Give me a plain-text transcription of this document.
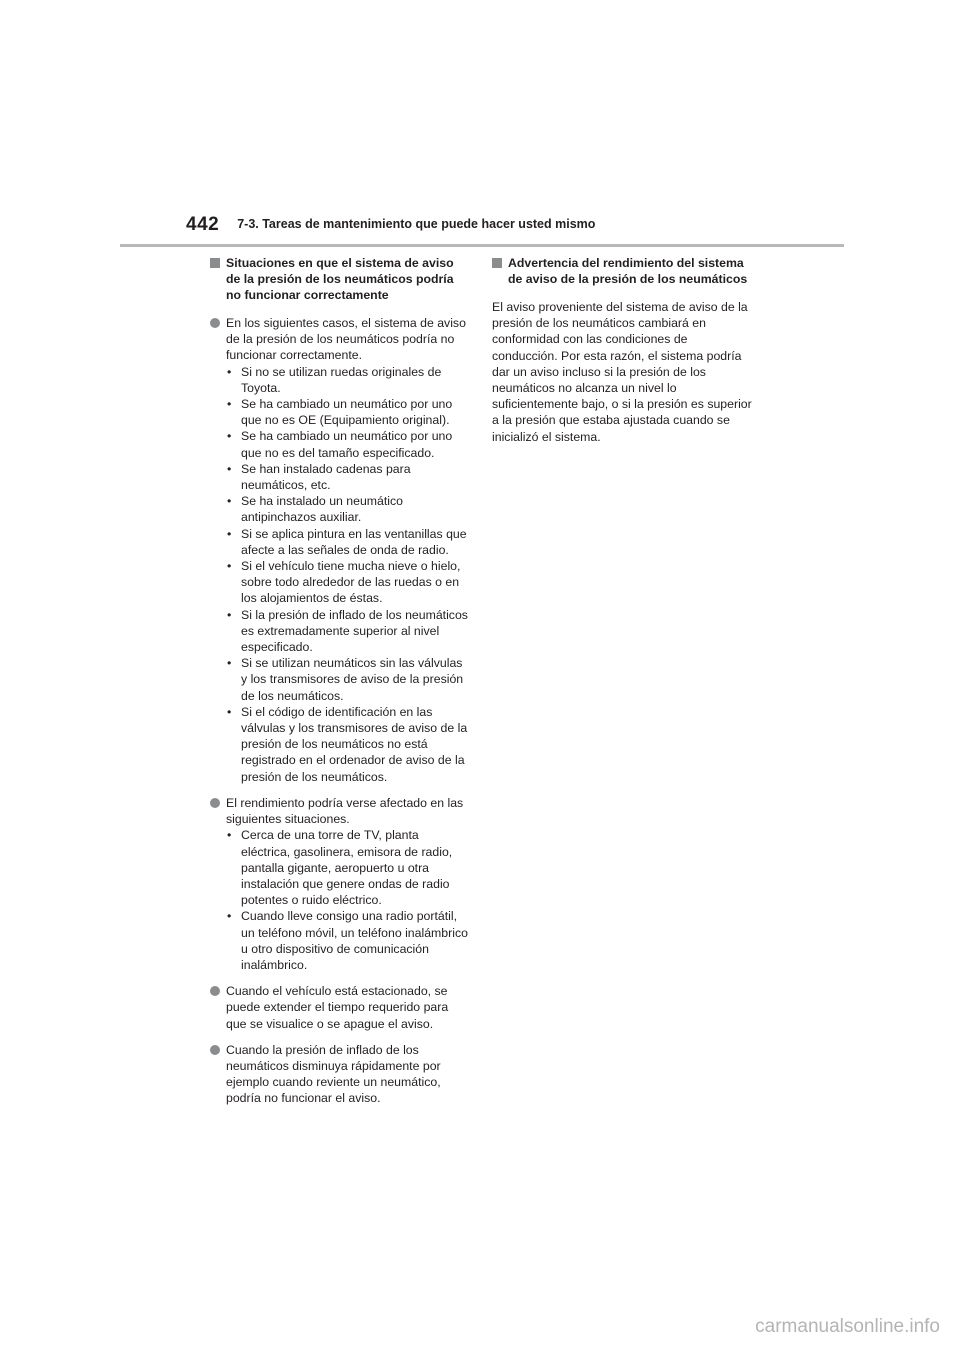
442 7-3. Tareas de mantenimiento que puede hacer usted mismo
Situaciones en que el sistema de aviso de la presión de los neumáticos podría no funcionar correctamente
En los siguientes casos, el sistema de aviso de la presión de los neumáticos podría no funcionar correctamente.
• Si no se utilizan ruedas originales de Toyota.
• Se ha cambiado un neumático por uno que no es OE (Equipamiento original).
• Se ha cambiado un neumático por uno que no es del tamaño especificado.
• Se han instalado cadenas para neumáticos, etc.
• Se ha instalado un neumático antipinchazos auxiliar.
• Si se aplica pintura en las ventanillas que afecte a las señales de onda de radio.
• Si el vehículo tiene mucha nieve o hielo, sobre todo alrededor de las ruedas o en los alojamientos de éstas.
• Si la presión de inflado de los neumáticos es extremadamente superior al nivel especificado.
• Si se utilizan neumáticos sin las válvulas y los transmisores de aviso de la presión de los neumáticos.
• Si el código de identificación en las válvulas y los transmisores de aviso de la presión de los neumáticos no está registrado en el ordenador de aviso de la presión de los neumáticos.
El rendimiento podría verse afectado en las siguientes situaciones.
• Cerca de una torre de TV, planta eléctrica, gasolinera, emisora de radio, pantalla gigante, aeropuerto u otra instalación que genere ondas de radio potentes o ruido eléctrico.
• Cuando lleve consigo una radio portátil, un teléfono móvil, un teléfono inalámbrico u otro dispositivo de comunicación inalámbrico.
Cuando el vehículo está estacionado, se puede extender el tiempo requerido para que se visualice o se apague el aviso.
Cuando la presión de inflado de los neumáticos disminuya rápidamente por ejemplo cuando reviente un neumático, podría no funcionar el aviso.
Advertencia del rendimiento del sistema de aviso de la presión de los neumáticos

El aviso proveniente del sistema de aviso de la presión de los neumáticos cambiará en conformidad con las condiciones de conducción. Por esta razón, el sistema podría dar un aviso incluso si la presión de los neumáticos no alcanza un nivel lo suficientemente bajo, o si la presión es superior a la presión que estaba ajustada cuando se inicializó el sistema.

carmanualsonline.info
